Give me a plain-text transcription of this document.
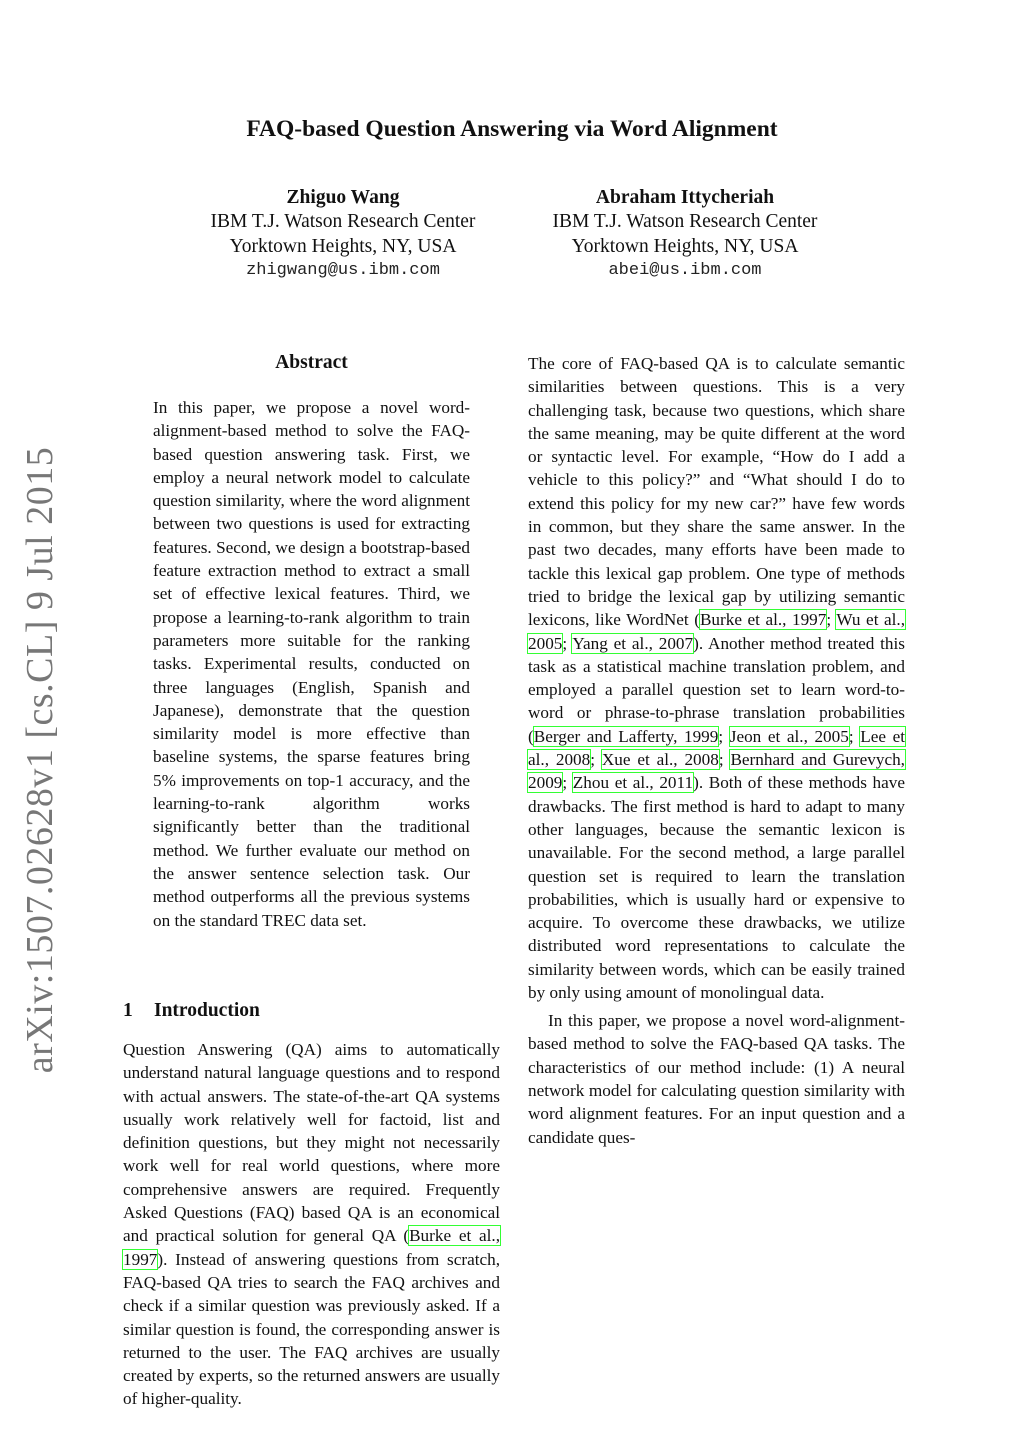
arXiv:1507.02628v1 [cs.CL] 9 Jul 2015
FAQ-based Question Answering via Word Alignment
Zhiguo Wang
IBM T.J. Watson Research Center
Yorktown Heights, NY, USA
zhigwang@us.ibm.com
Abraham Ittycheriah
IBM T.J. Watson Research Center
Yorktown Heights, NY, USA
abei@us.ibm.com
Abstract

In this paper, we propose a novel word-alignment-based method to solve the FAQ-based question answering task. First, we employ a neural network model to calculate question similarity, where the word alignment between two questions is used for extracting features. Second, we design a bootstrap-based feature extraction method to extract a small set of effective lexical features. Third, we propose a learning-to-rank algorithm to train parameters more suitable for the ranking tasks. Experimental results, conducted on three languages (English, Spanish and Japanese), demonstrate that the question similarity model is more effective than baseline systems, the sparse features bring 5% improvements on top-1 accuracy, and the learning-to-rank algorithm works significantly better than the traditional method. We further evaluate our method on the answer sentence selection task. Our method outperforms all the previous systems on the standard TREC data set.

1 Introduction

Question Answering (QA) aims to automatically understand natural language questions and to respond with actual answers. The state-of-the-art QA systems usually work relatively well for factoid, list and definition questions, but they might not necessarily work well for real world questions, where more comprehensive answers are required. Frequently Asked Questions (FAQ) based QA is an economical and practical solution for general QA (Burke et al., 1997). Instead of answering questions from scratch, FAQ-based QA tries to search the FAQ archives and check if a similar question was previously asked. If a similar question is found, the corresponding answer is returned to the user. The FAQ archives are usually created by experts, so the returned answers are usually of higher-quality.

The core of FAQ-based QA is to calculate semantic similarities between questions. This is a very challenging task, because two questions, which share the same meaning, may be quite different at the word or syntactic level. For example, “How do I add a vehicle to this policy?” and “What should I do to extend this policy for my new car?” have few words in common, but they share the same answer. In the past two decades, many efforts have been made to tackle this lexical gap problem. One type of methods tried to bridge the lexical gap by utilizing semantic lexicons, like WordNet (Burke et al., 1997; Wu et al., 2005; Yang et al., 2007). Another method treated this task as a statistical machine translation problem, and employed a parallel question set to learn word-to-word or phrase-to-phrase translation probabilities (Berger and Lafferty, 1999; Jeon et al., 2005; Lee et al., 2008; Xue et al., 2008; Bernhard and Gurevych, 2009; Zhou et al., 2011). Both of these methods have drawbacks. The first method is hard to adapt to many other languages, because the semantic lexicon is unavailable. For the second method, a large parallel question set is required to learn the translation probabilities, which is usually hard or expensive to acquire. To overcome these drawbacks, we utilize distributed word representations to calculate the similarity between words, which can be easily trained by only using amount of monolingual data.

In this paper, we propose a novel word-alignment-based method to solve the FAQ-based QA tasks. The characteristics of our method include: (1) A neural network model for calculating question similarity with word alignment features. For an input question and a candidate ques-
